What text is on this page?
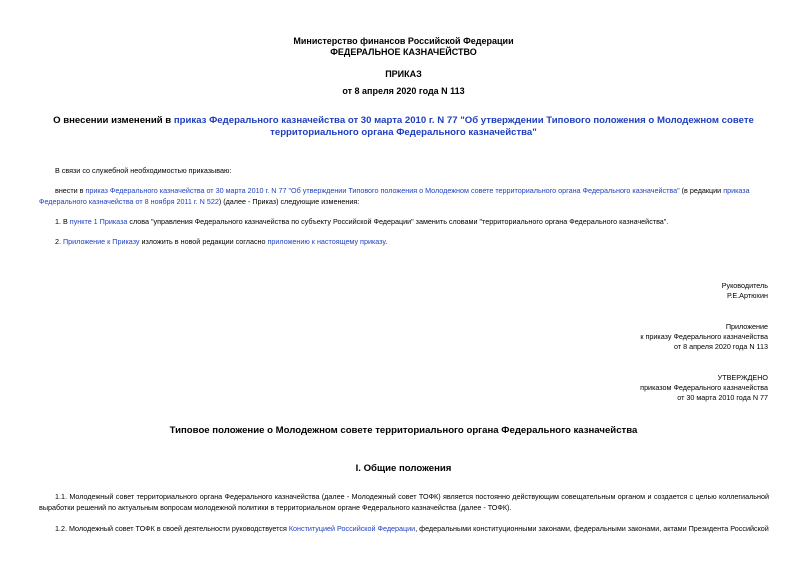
Министерство финансов Российской Федерации
ФЕДЕРАЛЬНОЕ КАЗНАЧЕЙСТВО
ПРИКАЗ
от 8 апреля 2020 года N 113
О внесении изменений в приказ Федерального казначейства от 30 марта 2010 г. N 77 "Об утверждении Типового положения о Молодежном совете
территориального органа Федерального казначейства"
В связи со служебной необходимостью приказываю:
внести в приказ Федерального казначейства от 30 марта 2010 г. N 77 "Об утверждении Типового положения о Молодежном совете территориального органа Федерального казначейства" (в редакции приказа
Федерального казначейства от 8 ноября 2011 г. N 522) (далее - Приказ) следующие изменения:
1. В пункте 1 Приказа слова "управления Федерального казначейства по субъекту Российской Федерации" заменить словами "территориального органа Федерального казначейства".
2. Приложение к Приказу изложить в новой редакции согласно приложению к настоящему приказу.
Руководитель
Р.Е.Артюхин
Приложение
к приказу Федерального казначейства
от 8 апреля 2020 года N 113
УТВЕРЖДЕНО
приказом Федерального казначейства
от 30 марта 2010 года N 77
Типовое положение о Молодежном совете территориального органа Федерального казначейства
I. Общие положения
1.1. Молодежный совет территориального органа Федерального казначейства (далее - Молодежный совет ТОФК) является постоянно действующим совещательным органом и создается с целью коллегиальной выработки решений по актуальным вопросам молодежной политики в территориальном органе Федерального казначейства (далее - ТОФК).
1.2. Молодежный совет ТОФК в своей деятельности руководствуется Конституцией Российской Федерации, федеральными конституционными законами, федеральными законами, актами Президента Российской
